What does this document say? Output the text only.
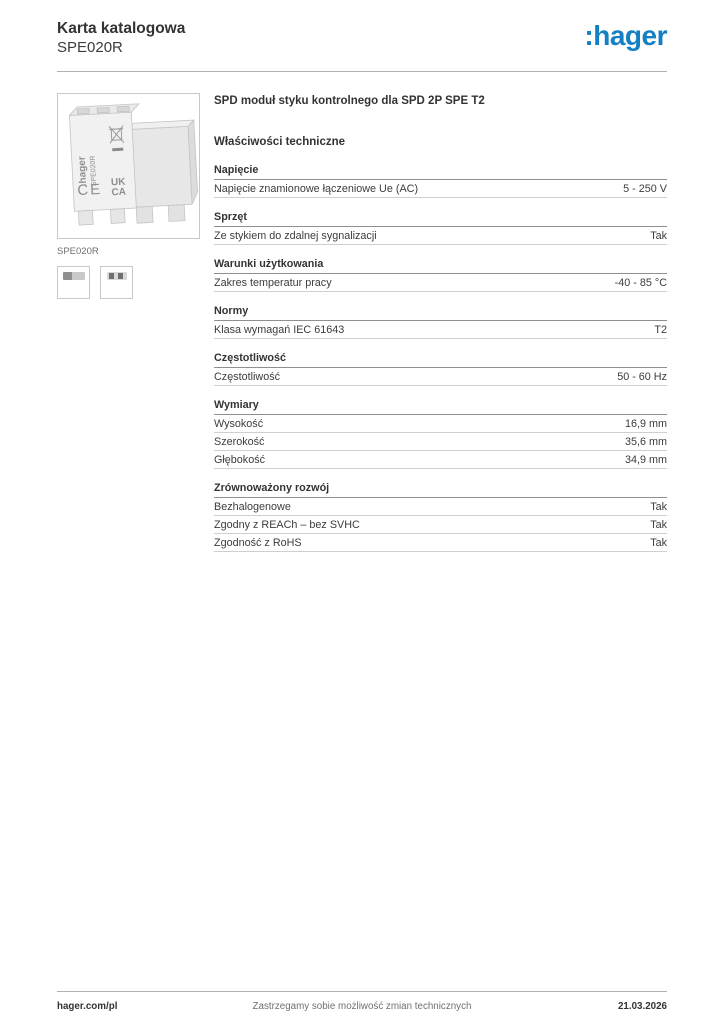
Karta katalogowa
SPE020R	:hager
:hager SPE020R
CE UK
CA
SPE020R
SPD moduł styku kontrolnego dla SPD 2P SPE T2
Właściwości techniczne
Napięcie
Napięcie znamionowe łączeniowe Ue (AC)	5 - 250 V
Sprzęt
Ze stykiem do zdalnej sygnalizacji	Tak
Warunki użytkowania
Zakres temperatur pracy	-40 - 85 °C
Normy
Klasa wymagań IEC 61643	T2
Częstotliwość
Częstotliwość	50 - 60 Hz
Wymiary
Wysokość	16,9 mm
Szerokość	35,6 mm
Głębokość	34,9 mm
Zrównoważony rozwój
Bezhalogenowe	Tak
Zgodny z REACh – bez SVHC	Tak
Zgodność z RoHS	Tak
Zastrzegamy sobie możliwość zmian technicznych
hager.com/pl	21.03.2026
